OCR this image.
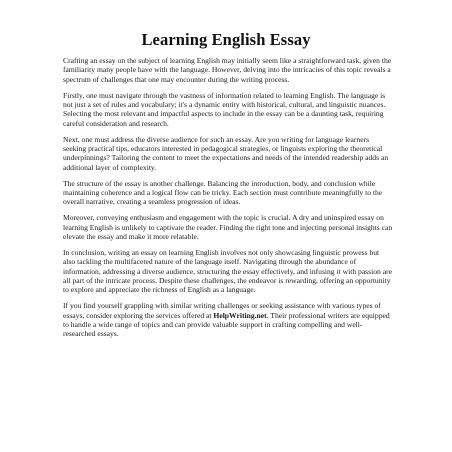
Learning English Essay

Crafting an essay on the subject of learning English may initially seem like a straightforward task, given the familiarity many people have with the language. However, delving into the intricacies of this topic reveals a spectrum of challenges that one may encounter during the writing process.

Firstly, one must navigate through the vastness of information related to learning English. The language is not just a set of rules and vocabulary; it's a dynamic entity with historical, cultural, and linguistic nuances. Selecting the most relevant and impactful aspects to include in the essay can be a daunting task, requiring careful consideration and research.

Next, one must address the diverse audience for such an essay. Are you writing for language learners seeking practical tips, educators interested in pedagogical strategies, or linguists exploring the theoretical underpinnings? Tailoring the content to meet the expectations and needs of the intended readership adds an additional layer of complexity.

The structure of the essay is another challenge. Balancing the introduction, body, and conclusion while maintaining coherence and a logical flow can be tricky. Each section must contribute meaningfully to the overall narrative, creating a seamless progression of ideas.

Moreover, conveying enthusiasm and engagement with the topic is crucial. A dry and uninspired essay on learning English is unlikely to captivate the reader. Finding the right tone and injecting personal insights can elevate the essay and make it more relatable.

In conclusion, writing an essay on learning English involves not only showcasing linguistic prowess but also tackling the multifaceted nature of the language itself. Navigating through the abundance of information, addressing a diverse audience, structuring the essay effectively, and infusing it with passion are all part of the intricate process. Despite these challenges, the endeavor is rewarding, offering an opportunity to explore and appreciate the richness of English as a language.

If you find yourself grappling with similar writing challenges or seeking assistance with various types of essays, consider exploring the services offered at HelpWriting.net. Their professional writers are equipped to handle a wide range of topics and can provide valuable support in crafting compelling and well-researched essays.
